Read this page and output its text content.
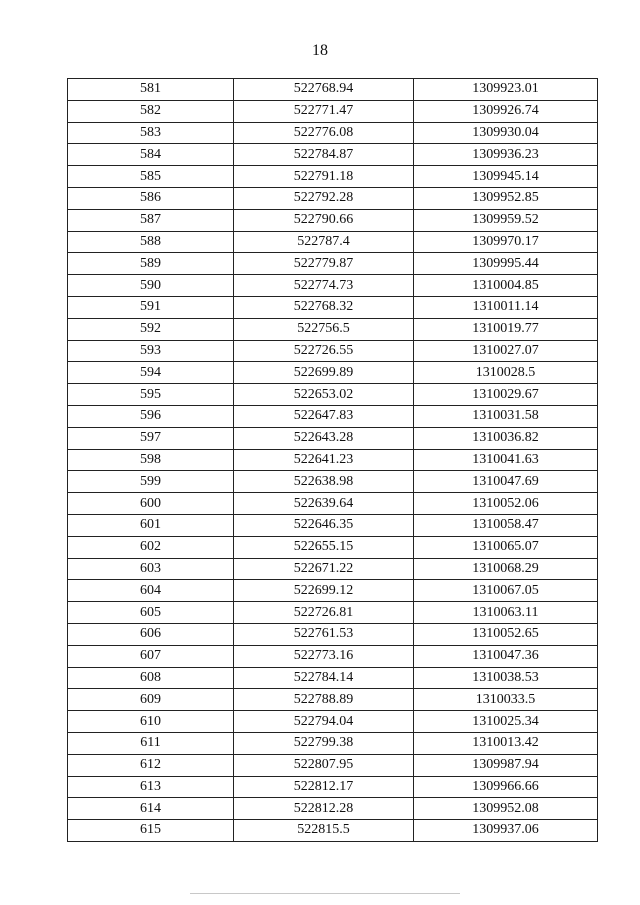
18
581	522768.94	1309923.01
582	522771.47	1309926.74
583	522776.08	1309930.04
584	522784.87	1309936.23
585	522791.18	1309945.14
586	522792.28	1309952.85
587	522790.66	1309959.52
588	522787.4	1309970.17
589	522779.87	1309995.44
590	522774.73	1310004.85
591	522768.32	1310011.14
592	522756.5	1310019.77
593	522726.55	1310027.07
594	522699.89	1310028.5
595	522653.02	1310029.67
596	522647.83	1310031.58
597	522643.28	1310036.82
598	522641.23	1310041.63
599	522638.98	1310047.69
600	522639.64	1310052.06
601	522646.35	1310058.47
602	522655.15	1310065.07
603	522671.22	1310068.29
604	522699.12	1310067.05
605	522726.81	1310063.11
606	522761.53	1310052.65
607	522773.16	1310047.36
608	522784.14	1310038.53
609	522788.89	1310033.5
610	522794.04	1310025.34
611	522799.38	1310013.42
612	522807.95	1309987.94
613	522812.17	1309966.66
614	522812.28	1309952.08
615	522815.5	1309937.06
